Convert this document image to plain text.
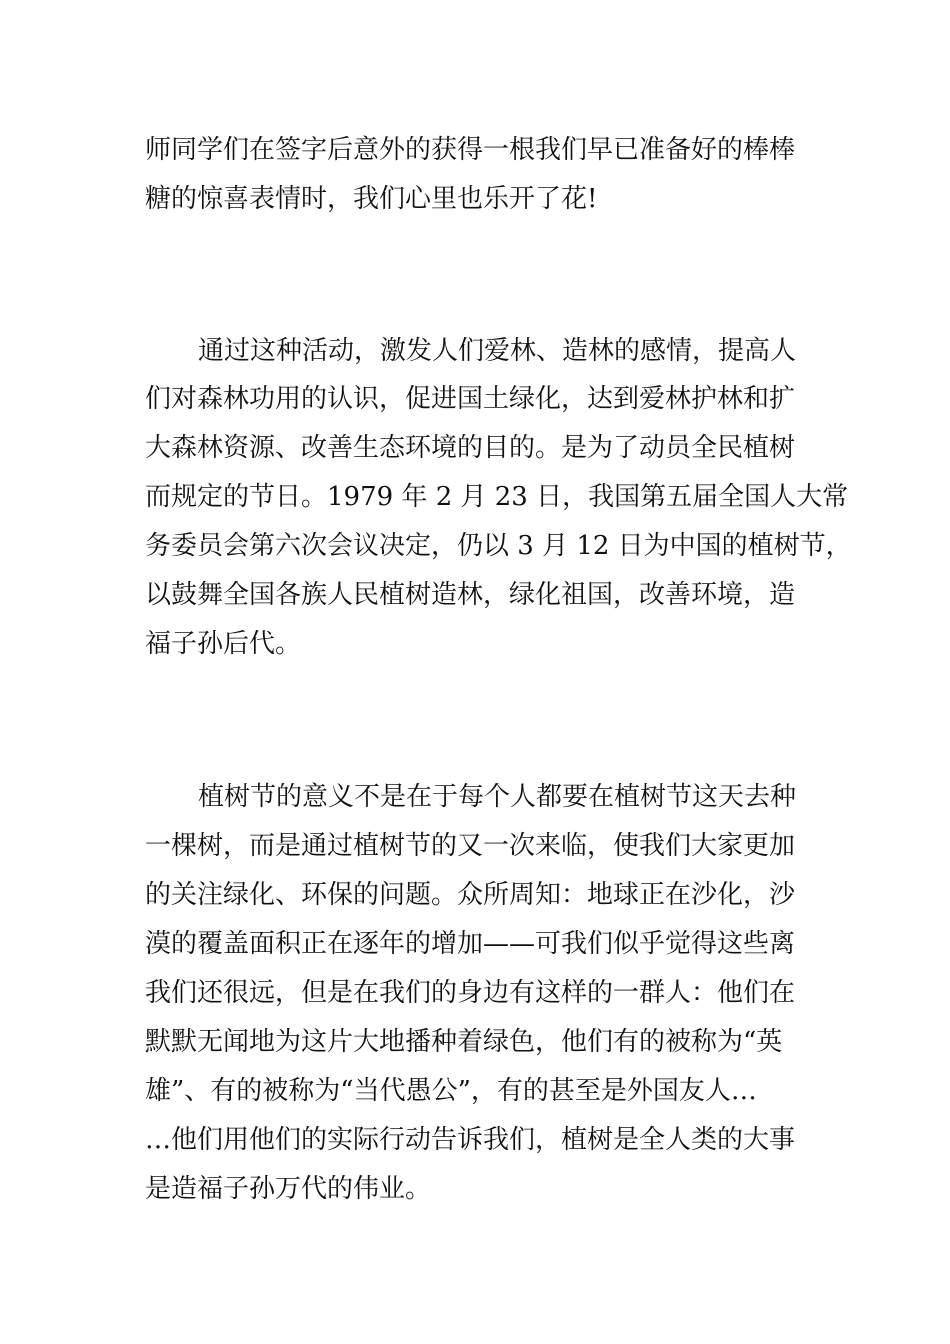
师同学们在签字后意外的获得一根我们早已准备好的棒棒
糖的惊喜表情时，我们心里也乐开了花!
通过这种活动，激发人们爱林、造林的感情，提高人
们对森林功用的认识，促进国土绿化，达到爱林护林和扩
大森林资源、改善生态环境的目的。是为了动员全民植树
而规定的节日。1979 年 2 月 23 日，我国第五届全国人大常
务委员会第六次会议决定，仍以 3 月 12 日为中国的植树节，
以鼓舞全国各族人民植树造林，绿化祖国，改善环境，造
福子孙后代。
植树节的意义不是在于每个人都要在植树节这天去种
一棵树，而是通过植树节的又一次来临，使我们大家更加
的关注绿化、环保的问题。众所周知：地球正在沙化，沙
漠的覆盖面积正在逐年的增加——可我们似乎觉得这些离
我们还很远，但是在我们的身边有这样的一群人：他们在
默默无闻地为这片大地播种着绿色，他们有的被称为“英
雄”、有的被称为“当代愚公”，有的甚至是外国友人…
…他们用他们的实际行动告诉我们，植树是全人类的大事
是造福子孙万代的伟业。
